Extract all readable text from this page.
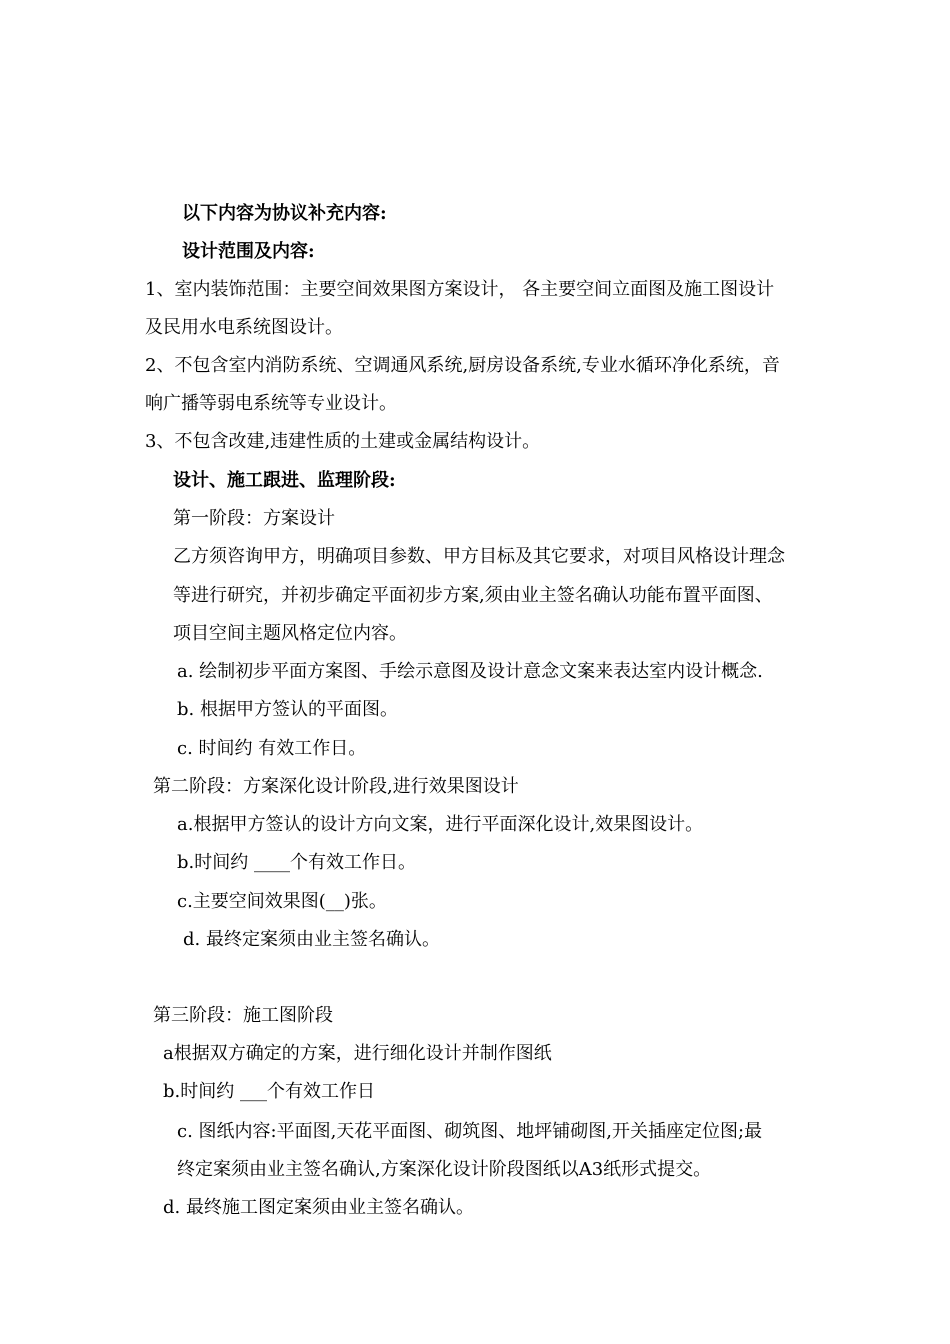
以下内容为协议补充内容:
设计范围及内容:
1、室内装饰范围：主要空间效果图方案设计， 各主要空间立面图及施工图设计
及民用水电系统图设计。
2、不包含室内消防系统、空调通风系统,厨房设备系统,专业水循环净化系统，音
响广播等弱电系统等专业设计。
3、不包含改建,违建性质的土建或金属结构设计。
设计、施工跟进、监理阶段:
第一阶段：方案设计
乙方须咨询甲方，明确项目参数、甲方目标及其它要求，对项目风格设计理念
等进行研究，并初步确定平面初步方案,须由业主签名确认功能布置平面图、
项目空间主题风格定位内容。
a. 绘制初步平面方案图、手绘示意图及设计意念文案来表达室内设计概念.
b. 根据甲方签认的平面图。
c. 时间约 有效工作日。
第二阶段：方案深化设计阶段,进行效果图设计
a.根据甲方签认的设计方向文案，进行平面深化设计,效果图设计。
b.时间约 ____个有效工作日。
c.主要空间效果图(__)张。
d. 最终定案须由业主签名确认。
第三阶段：施工图阶段
a根据双方确定的方案，进行细化设计并制作图纸
b.时间约 ___个有效工作日
c. 图纸内容:平面图,天花平面图、砌筑图、地坪铺砌图,开关插座定位图;最
终定案须由业主签名确认,方案深化设计阶段图纸以A3纸形式提交。
d. 最终施工图定案须由业主签名确认。
